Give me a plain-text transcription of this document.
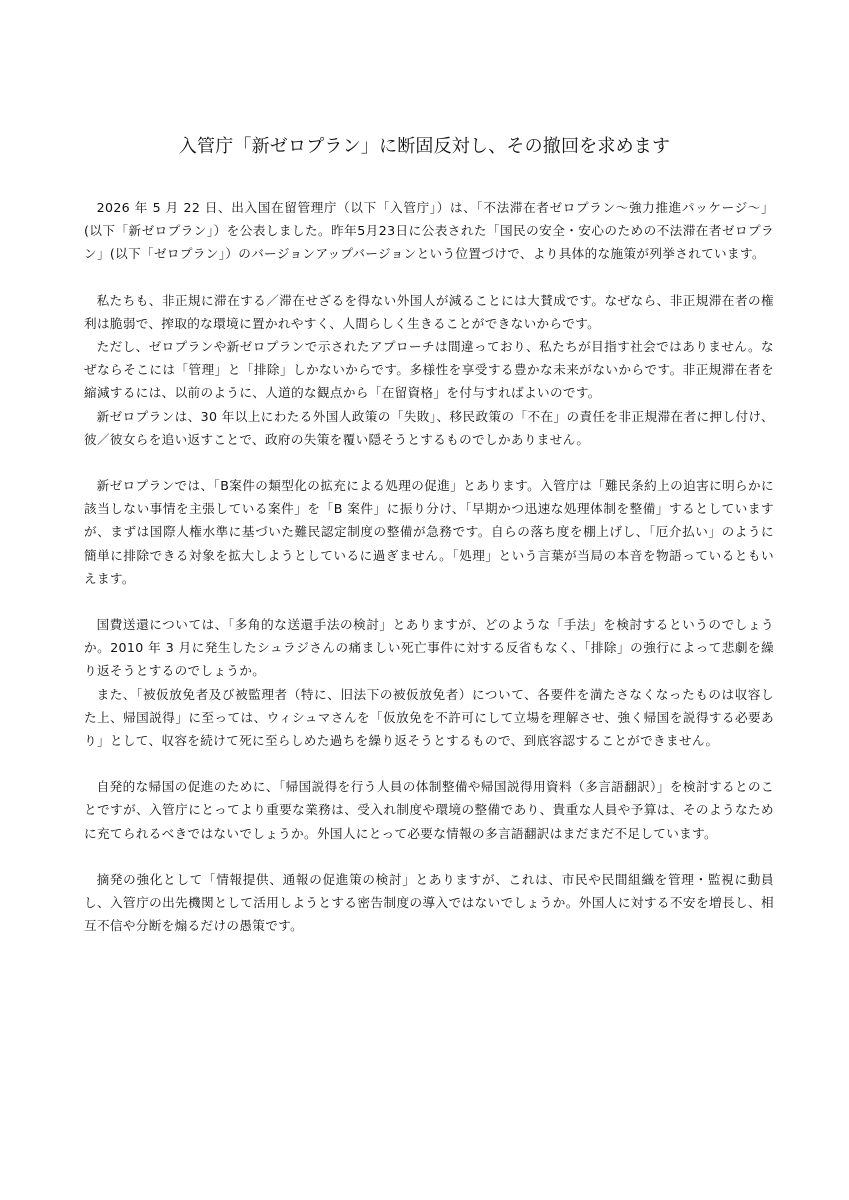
入管庁「新ゼロプラン」に断固反対し、その撤回を求めます

2026 年 5 月 22 日、出入国在留管理庁（以下「入管庁」）は、「不法滞在者ゼロプラン～強力推進パッケージ～」(以下「新ゼロプラン」）を公表しました。昨年5月23日に公表された「国民の安全・安心のための不法滞在者ゼロプラン」(以下「ゼロプラン」）のバージョンアップバージョンという位置づけで、より具体的な施策が列挙されています。

私たちも、非正規に滞在する／滞在せざるを得ない外国人が減ることには大賛成です。なぜなら、非正規滞在者の権利は脆弱で、搾取的な環境に置かれやすく、人間らしく生きることができないからです。

ただし、ゼロプランや新ゼロプランで示されたアプローチは間違っており、私たちが目指す社会ではありません。なぜならそこには「管理」と「排除」しかないからです。多様性を享受する豊かな未来がないからです。非正規滞在者を縮減するには、以前のように、人道的な観点から「在留資格」を付与すればよいのです。

新ゼロプランは、30 年以上にわたる外国人政策の「失敗」、移民政策の「不在」の責任を非正規滞在者に押し付け、彼／彼女らを追い返すことで、政府の失策を覆い隠そうとするものでしかありません。

新ゼロプランでは、「B案件の類型化の拡充による処理の促進」とあります。入管庁は「難民条約上の迫害に明らかに該当しない事情を主張している案件」を「B 案件」に振り分け、「早期かつ迅速な処理体制を整備」するとしていますが、まずは国際人権水準に基づいた難民認定制度の整備が急務です。自らの落ち度を棚上げし、「厄介払い」のように簡単に排除できる対象を拡大しようとしているに過ぎません。「処理」という言葉が当局の本音を物語っているともいえます。

国費送還については、「多角的な送還手法の検討」とありますが、どのような「手法」を検討するというのでしょうか。2010 年 3 月に発生したシュラジさんの痛ましい死亡事件に対する反省もなく、「排除」の強行によって悲劇を繰り返そうとするのでしょうか。

また、「被仮放免者及び被監理者（特に、旧法下の被仮放免者）について、各要件を満たさなくなったものは収容した上、帰国説得」に至っては、ウィシュマさんを「仮放免を不許可にして立場を理解させ、強く帰国を説得する必要あり」として、収容を続けて死に至らしめた過ちを繰り返そうとするもので、到底容認することができません。

自発的な帰国の促進のために、「帰国説得を行う人員の体制整備や帰国説得用資料（多言語翻訳）」を検討するとのことですが、入管庁にとってより重要な業務は、受入れ制度や環境の整備であり、貴重な人員や予算は、そのようなために充てられるべきではないでしょうか。外国人にとって必要な情報の多言語翻訳はまだまだ不足しています。

摘発の強化として「情報提供、通報の促進策の検討」とありますが、これは、市民や民間組織を管理・監視に動員し、入管庁の出先機関として活用しようとする密告制度の導入ではないでしょうか。外国人に対する不安を増長し、相互不信や分断を煽るだけの愚策です。
